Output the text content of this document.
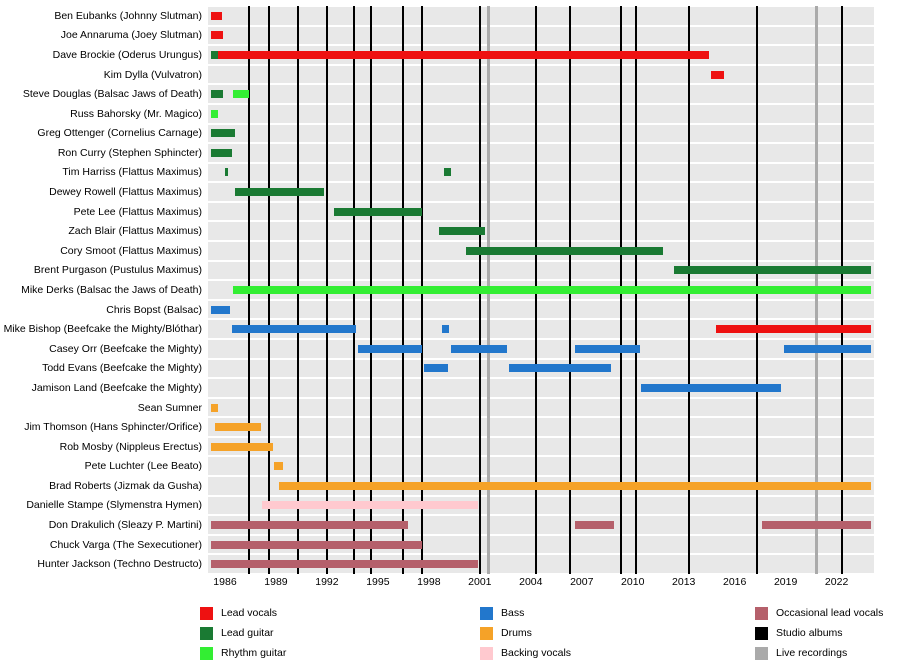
Ben Eubanks (Johnny Slutman)
Joe Annaruma (Joey Slutman)
Dave Brockie (Oderus Urungus)
Kim Dylla (Vulvatron)
Steve Douglas (Balsac Jaws of Death)
Russ Bahorsky (Mr. Magico)
Greg Ottenger (Cornelius Carnage)
Ron Curry (Stephen Sphincter)
Tim Harriss (Flattus Maximus)
Dewey Rowell (Flattus Maximus)
Pete Lee (Flattus Maximus)
Zach Blair (Flattus Maximus)
Cory Smoot (Flattus Maximus)
Brent Purgason (Pustulus Maximus)
Mike Derks (Balsac the Jaws of Death)
Chris Bopst (Balsac)
Mike Bishop (Beefcake the Mighty/Blóthar)
Casey Orr (Beefcake the Mighty)
Todd Evans (Beefcake the Mighty)
Jamison Land (Beefcake the Mighty)
Sean Sumner
Jim Thomson (Hans Sphincter/Orifice)
Rob Mosby (Nippleus Erectus)
Pete Luchter (Lee Beato)
Brad Roberts (Jizmak da Gusha)
Danielle Stampe (Slymenstra Hymen)
Don Drakulich (Sleazy P. Martini)
Chuck Varga (The Sexecutioner)
Hunter Jackson (Techno Destructo)
1986	1989	1992	1995	1998	2001	2004	2007	2010	2013	2016	2019	2022
Lead vocals
Lead guitar
Rhythm guitar
Bass
Drums
Backing vocals
Occasional lead vocals
Studio albums
Live recordings
